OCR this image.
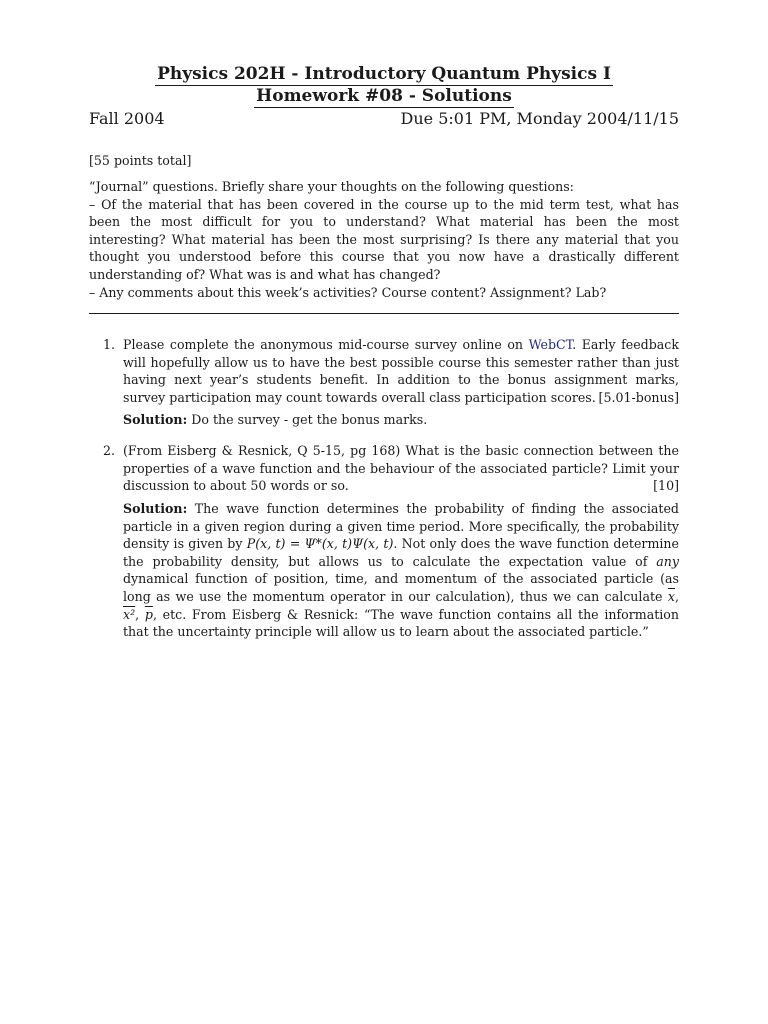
Physics 202H - Introductory Quantum Physics I
Homework #08 - Solutions
Fall 2004	Due 5:01 PM, Monday 2004/11/15
[55 points total]
“Journal” questions. Briefly share your thoughts on the following questions:
– Of the material that has been covered in the course up to the mid term test, what has been the most difficult for you to understand? What material has been the most interesting? What material has been the most surprising? Is there any material that you thought you understood before this course that you now have a drastically different understanding of? What was is and what has changed?
– Any comments about this week’s activities? Course content? Assignment? Lab?
1. Please complete the anonymous mid-course survey online on WebCT. Early feedback will hopefully allow us to have the best possible course this semester rather than just having next year’s students benefit. In addition to the bonus assignment marks, survey participation may count towards overall class participation scores. [5.01-bonus]
Solution: Do the survey - get the bonus marks.
2. (From Eisberg & Resnick, Q 5-15, pg 168) What is the basic connection between the properties of a wave function and the behaviour of the associated particle? Limit your discussion to about 50 words or so.	[10]
Solution: The wave function determines the probability of finding the associated particle in a given region during a given time period. More specifically, the probability density is given by P(x, t) = Ψ*(x, t)Ψ(x, t). Not only does the wave function determine the probability density, but allows us to calculate the expectation value of any dynamical function of position, time, and momentum of the associated particle (as long as we use the momentum operator in our calculation), thus we can calculate $\overline{x}$, x², $\overline{p}$, etc. From Eisberg & Resnick: “The wave function contains all the information that the uncertainty principle will allow us to learn about the associated particle.”
